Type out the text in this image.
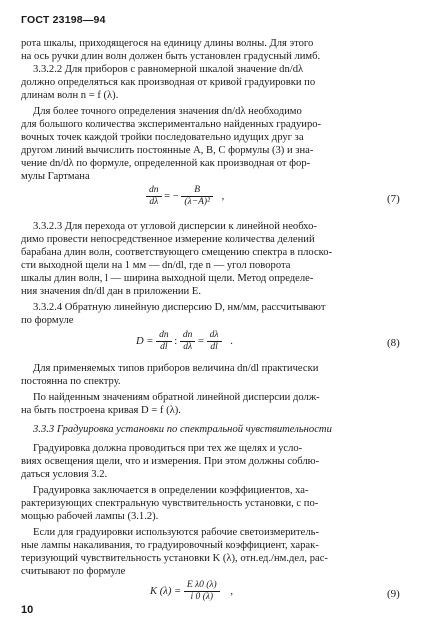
ГОСТ 23198—94
рота шкалы, приходящегося на единицу длины волны. Для этого
на ось ручки длин волн должен быть установлен градусный лимб.
3.3.2.2 Для приборов с равномерной шкалой значение dn/dλ
должно определяться как производная от кривой градуировки по
длинам волн n = f (λ).
Для более точного определения значения dn/dλ необходимо
для большого количества экспериментально найденных градуиро-
вочных точек каждой тройки последовательно идущих друг за
другом линий вычислить постоянные A, B, C формулы (3) и зна-
чение dn/dλ по формуле, определенной как производная от фор-
мулы Гартмана
$\frac{dn}{d\lambda}$ = − $\frac{B}{\text{(λ−A)²}}$ ,	(7)
3.3.2.3 Для перехода от угловой дисперсии к линейной необхо-
димо провести непосредственное измерение количества делений
барабана длин волн, соответствующего смещению спектра в плоско-
сти выходной щели на 1 мм — dn/dl, где n — угол поворота
шкалы длин волн, l — ширина выходной щели. Метод определе-
ния значения dn/dl дан в приложении Е.
3.3.2.4 Обратную линейную дисперсию D, нм/мм, рассчитывают
по формуле
$D = \frac{dn}{dl}$ : $\frac{dn}{d\lambda} = \frac{d\lambda}{dl}$ .	(8)
Для применяемых типов приборов величина dn/dl практически
постоянна по спектру.
По найденным значениям обратной линейной дисперсии долж-
на быть построена кривая D = f (λ).
3.3.3 Градуировка установки по спектральной чувствительности
Градуировка должна проводиться при тех же щелях и усло-
виях освещения щели, что и измерения. При этом должны соблю-
даться условия 3.2.
Градуировка заключается в определении коэффициентов, ха-
рактеризующих спектральную чувствительность установки, с по-
мощью рабочей лампы (3.1.2).
Если для градуировки используются рабочие светоизмеритель-
ные лампы накаливания, то градуировочный коэффициент, харак-
теризующий чувствительность установки K (λ), отн.ед./нм.дел, рас-
считывают по формуле
K $(\lambda) = \frac{\text{E λ0 (λ)}}{i 0 (\lambda)}$ ,	(9)
10
